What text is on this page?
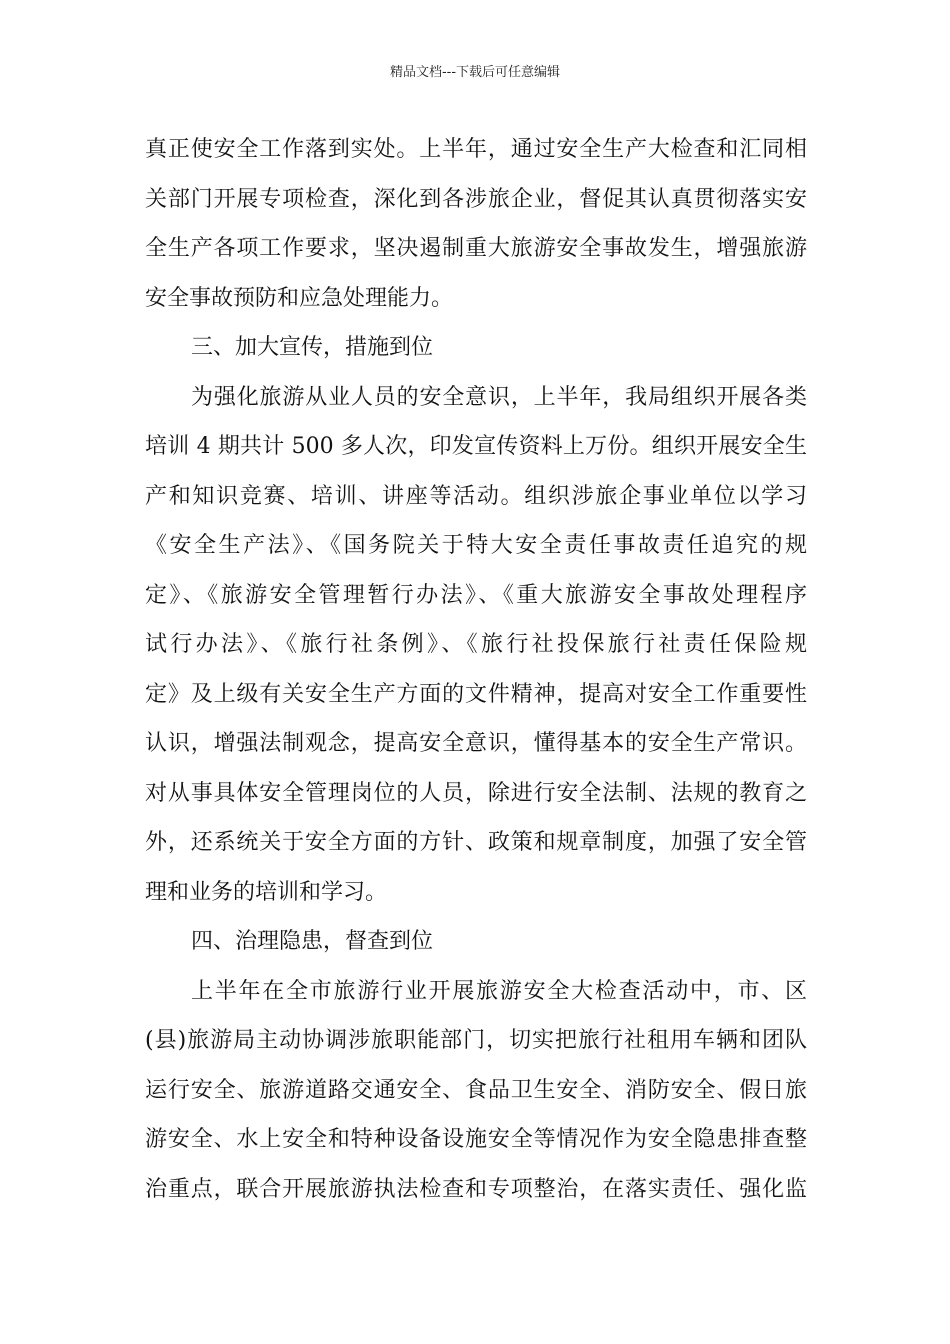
精品文档---下载后可任意编辑
真正使安全工作落到实处。上半年，通过安全生产大检查和汇同相
关部门开展专项检查，深化到各涉旅企业，督促其认真贯彻落实安
全生产各项工作要求，坚决遏制重大旅游安全事故发生，增强旅游
安全事故预防和应急处理能力。
三、加大宣传，措施到位
为强化旅游从业人员的安全意识，上半年，我局组织开展各类
培训 4 期共计 500 多人次，印发宣传资料上万份。组织开展安全生
产和知识竞赛、培训、讲座等活动。组织涉旅企事业单位以学习
《安全生产法》、《国务院关于特大安全责任事故责任追究的规
定》、《旅游安全管理暂行办法》、《重大旅游安全事故处理程序
试行办法》、《旅行社条例》、《旅行社投保旅行社责任保险规
定》及上级有关安全生产方面的文件精神，提高对安全工作重要性
认识，增强法制观念，提高安全意识，懂得基本的安全生产常识。
对从事具体安全管理岗位的人员，除进行安全法制、法规的教育之
外，还系统关于安全方面的方针、政策和规章制度，加强了安全管
理和业务的培训和学习。
四、治理隐患，督查到位
上半年在全市旅游行业开展旅游安全大检查活动中，市、区
(县)旅游局主动协调涉旅职能部门，切实把旅行社租用车辆和团队
运行安全、旅游道路交通安全、食品卫生安全、消防安全、假日旅
游安全、水上安全和特种设备设施安全等情况作为安全隐患排查整
治重点，联合开展旅游执法检查和专项整治，在落实责任、强化监
